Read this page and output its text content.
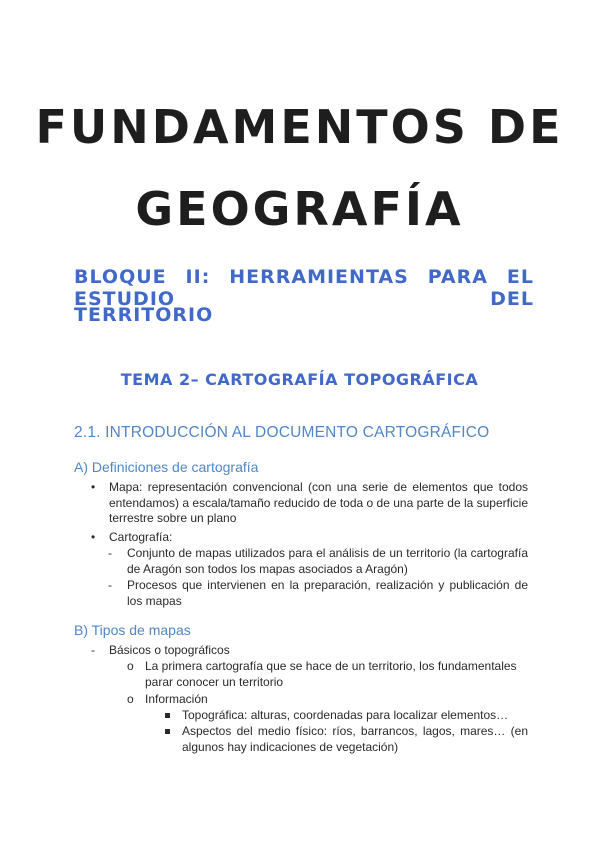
FUNDAMENTOS DE
GEOGRAFÍA
BLOQUE II: HERRAMIENTAS PARA EL ESTUDIO DEL
TERRITORIO
TEMA 2– CARTOGRAFÍA TOPOGRÁFICA
2.1. INTRODUCCIÓN AL DOCUMENTO CARTOGRÁFICO
A) Definiciones de cartografía
• Mapa: representación convencional (con una serie de elementos que todos entendamos) a escala/tamaño reducido de toda o de una parte de la superficie terrestre sobre un plano
• Cartografía:
- Conjunto de mapas utilizados para el análisis de un territorio (la cartografía de Aragón son todos los mapas asociados a Aragón)
- Procesos que intervienen en la preparación, realización y publicación de los mapas
B) Tipos de mapas
- Básicos o topográficos
o La primera cartografía que se hace de un territorio, los fundamentales parar conocer un territorio
o Información
Topográfica: alturas, coordenadas para localizar elementos…
Aspectos del medio físico: ríos, barrancos, lagos, mares… (en algunos hay indicaciones de vegetación)
